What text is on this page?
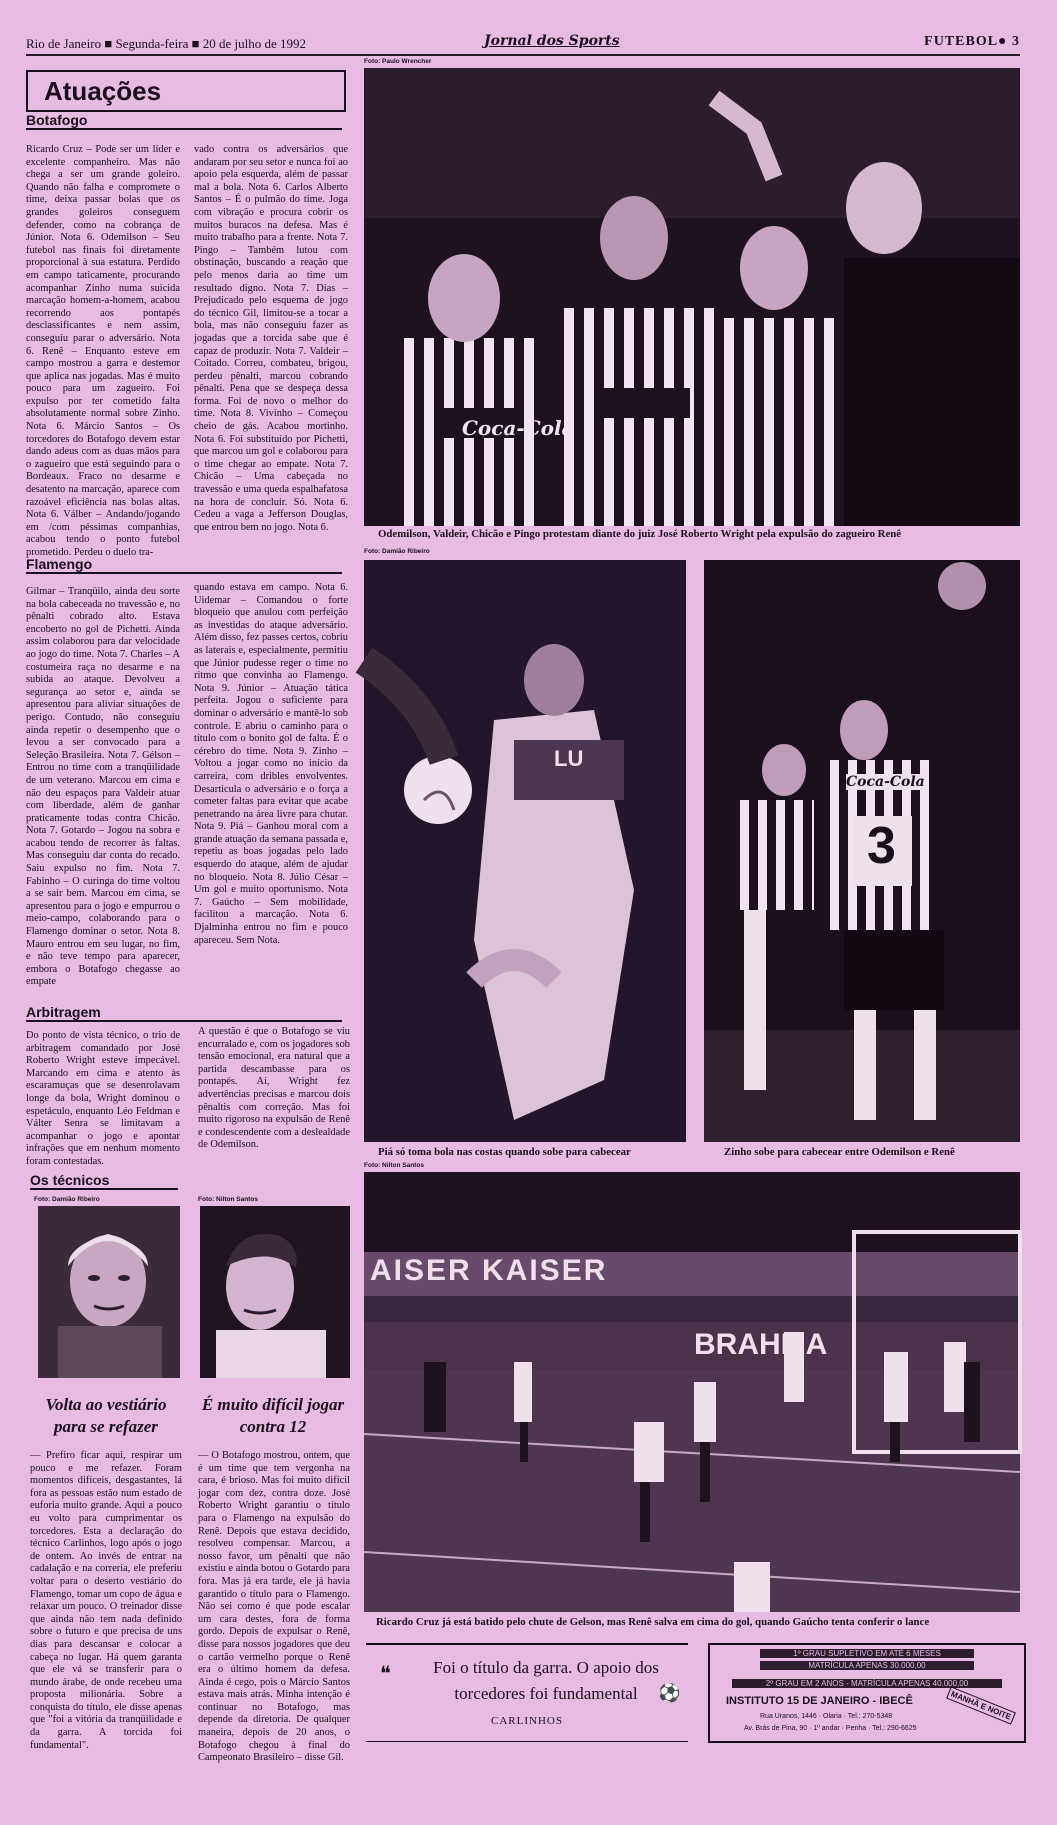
Rio de Janeiro ■ Segunda-feira ■ 20 de julho de 1992	Jornal dos Sports	FUTEBOL● 3
Atuações
Botafogo
Ricardo Cruz – Pode ser um líder e excelente companheiro. Mas não chega a ser um grande goleiro. Quando não falha e compromete o time, deixa passar bolas que os grandes goleiros conseguem defender, como na cobrança de Júnior. Nota 6. Odemilson – Seu futebol nas finais foi diretamente proporcional à sua estatura. Perdido em campo taticamente, procurando acompanhar Zinho numa suicida marcação homem-a-homem, acabou recorrendo aos pontapés desclassificantes e nem assim, conseguiu parar o adversário. Nota 6. Renê – Enquanto esteve em campo mostrou a garra e destemor que aplica nas jogadas. Mas é muito pouco para um zagueiro. Foi expulso por ter cometido falta absolutamente normal sobre Zinho. Nota 6. Márcio Santos – Os torcedores do Botafogo devem estar dando adeus com as duas mãos para o zagueiro que está seguindo para o Bordeaux. Fraco no desarme e desatento na marcação, aparece com razoável eficiência nas bolas altas. Nota 6. Válber – Andando/jogando em /com péssimas companhias, acabou tendo o ponto futebol prometido. Perdeu o duelo tra-
vado contra os adversários que andaram por seu setor e nunca foi ao apoio pela esquerda, além de passar mal a bola. Nota 6. Carlos Alberto Santos – É o pulmão do time. Joga com vibração e procura cobrir os muitos buracos na defesa. Mas é muito trabalho para a frente. Nota 7. Pingo – Também lutou com obstinação, buscando a reação que pelo menos daria ao time um resultado digno. Nota 7. Dias – Prejudicado pelo esquema de jogo do técnico Gil, limitou-se a tocar a bola, mas não conseguiu fazer as jogadas que a torcida sabe que é capaz de produzir. Nota 7. Valdeir – Coitado. Correu, combateu, brigou, perdeu pênalti, marcou cobrando pênalti. Pena que se despeça dessa forma. Foi de novo o melhor do time. Nota 8. Vivinho – Começou cheio de gás. Acabou mortinho. Nota 6. Foi substituído por Pichetti, que marcou um gol e colaborou para o time chegar ao empate. Nota 7. Chicão – Uma cabeçada no travessão e uma queda espalhafatosa na hora de concluir. Só. Nota 6. Cedeu a vaga a Jefferson Douglas, que entrou bem no jogo. Nota 6.
Flamengo
Gilmar – Tranqüilo, ainda deu sorte na bola cabeceada no travessão e, no pênalti cobrado alto. Estava encoberto no gol de Pichetti. Ainda assim colaborou para dar velocidade ao jogo do time. Nota 7. Charles – A costumeira raça no desarme e na subida ao ataque. Devolveu a segurança ao setor e, ainda se apresentou para aliviar situações de perigo. Contudo, não conseguiu ainda repetir o desempenho que o levou a ser convocado para a Seleção Brasileira. Nota 7. Gélson – Entrou no time com a tranqüilidade de um veterano. Marcou em cima e não deu espaços para Valdeir atuar com liberdade, além de ganhar praticamente todas contra Chicão. Nota 7. Gotardo – Jogou na sobra e acabou tendo de recorrer às faltas. Mas conseguiu dar conta do recado. Saiu expulso no fim. Nota 7. Fabinho – O curinga do time voltou a se sair bem. Marcou em cima, se apresentou para o jogo e empurrou o meio-campo, colaborando para o Flamengo dominar o setor. Nota 8. Mauro entrou em seu lugar, no fim, e não teve tempo para aparecer, embora o Botafogo chegasse ao empate
quando estava em campo. Nota 6. Uidemar – Comandou o forte bloqueio que anulou com perfeição as investidas do ataque adversário. Além disso, fez passes certos, cobriu as laterais e, especialmente, permitiu que Júnior pudesse reger o time no ritmo que convinha ao Flamengo. Nota 9. Júnior – Atuação tática perfeita. Jogou o suficiente para dominar o adversário e mantê-lo sob controle. E abriu o caminho para o título com o bonito gol de falta. É o cérebro do time. Nota 9. Zinho – Voltou a jogar como no início da carreira, com dribles envolventes. Desarticula o adversário e o força a cometer faltas para evitar que acabe penetrando na área livre para chutar. Nota 9. Piá – Ganhou moral com a grande atuação da semana passada e, repetiu as boas jogadas pelo lado esquerdo do ataque, além de ajudar no bloqueio. Nota 8. Júlio César – Um gol e muito oportunismo. Nota 7. Gaúcho – Sem mobilidade, facilitou a marcação. Nota 6. Djalminha entrou no fim e pouco apareceu. Sem Nota.
Arbitragem
Do ponto de vista técnico, o trio de arbitragem comandado por José Roberto Wright esteve impecável. Marcando em cima e atento às escaramuças que se desenrolavam longe da bola, Wright dominou o espetáculo, enquanto Léo Feldman e Válter Senra se limitavam a acompanhar o jogo e apontar infrações que em nenhum momento foram contestadas.
A questão é que o Botafogo se viu encurralado e, com os jogadores sob tensão emocional, era natural que a partida descambasse para os pontapés. Aí, Wright fez advertências precisas e marcou dois pênaltis com correção. Mas foi muito rigoroso na expulsão de Renê e condescendente com a deslealdade de Odemilson.
Os técnicos
Foto: Damião Ribeiro	Foto: Nilton Santos
Volta ao vestiário para se refazer
É muito difícil jogar contra 12
— Prefiro ficar aqui, respirar um pouco e me refazer. Foram momentos difíceis, desgastantes, lá fora as pessoas estão num estado de euforia muito grande. Aqui a pouco eu volto para cumprimentar os torcedores. Esta a declaração do técnico Carlinhos, logo após o jogo de ontem. Ao invés de entrar na cadalação e na correria, ele preferiu voltar para o deserto vestiário do Flamengo, tomar um copo de água e relaxar um pouco. O treinador disse que ainda não tem nada definido sobre o futuro e que precisa de uns dias para descansar e colocar a cabeça no lugar. Há quem garanta que ele vá se transferir para o mundo árabe, de onde recebeu uma proposta milionária. Sobre a conquista do título, ele disse apenas que "foi a vitória da tranqüilidade e da garra. A torcida foi fundamental".
— O Botafogo mostrou, ontem, que é um time que tem vergonha na cara, é brioso. Mas foi muito difícil jogar com dez, contra doze. José Roberto Wright garantiu o título para o Flamengo na expulsão do Renê. Depois que estava decidido, resolveu compensar. Marcou, a nosso favor, um pênalti que não existiu e ainda botou o Gotardo para fora. Mas já era tarde, ele já havia garantido o título para o Flamengo. Não sei como é que pode escalar um cara destes, fora de forma gordo. Depois de expulsar o Renê, disse para nossos jogadores que deu o cartão vermelho porque o Renê era o último homem da defesa. Ainda é cego, pois o Márcio Santos estava mais atrás. Minha intenção é continuar no Botafogo, mas depende da diretoria. De qualquer maneira, depois de 20 anos, o Botafogo chegou à final do Campeonato Brasileiro – disse Gil.
Foto: Paulo Wrencher
Coca-Cola
Odemilson, Valdeir, Chicão e Pingo protestam diante do juiz José Roberto Wright pela expulsão do zagueiro Renê
Foto: Damião Ribeiro
LU
Piá só toma bola nas costas quando sobe para cabecear
3
Coca-Cola
Zinho sobe para cabecear entre Odemilson e Renê
Foto: Nilton Santos
AISER KAISER
BRAHMA
Ricardo Cruz já está batido pelo chute de Gelson, mas Renê salva em cima do gol, quando Gaúcho tenta conferir o lance
❝	Foi o título da garra. O apoio dos torcedores foi fundamental	⚽
CARLINHOS
1º GRAU SUPLETIVO EM ATÉ 6 MESES
MATRÍCULA APENAS 30.000,00
2º GRAU EM 2 ANOS - MATRÍCULA APENAS 40.000,00
INSTITUTO 15 DE JANEIRO - IBECÊ
Rua Uranos, 1446 · Olaria · Tel.: 270-5348
Av. Brás de Pina, 90 · 1º andar · Penha · Tel.: 290-6625
MANHÃ E NOITE
